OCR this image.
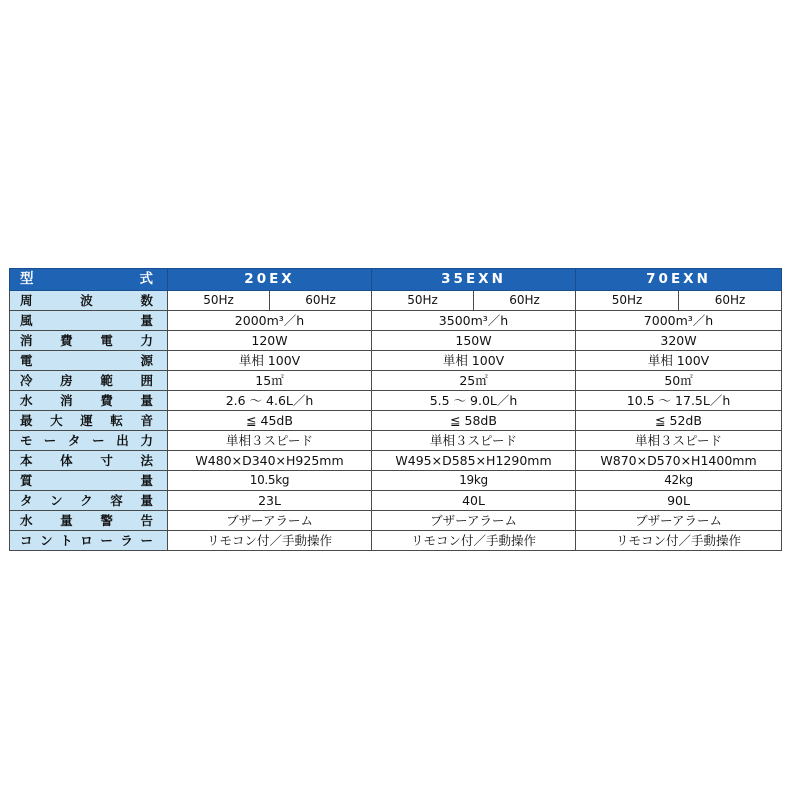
型　　　式	20EX		35EXN		70EXN	
周　波　数	50Hz	60Hz	50Hz	60Hz	50Hz	60Hz
風　　　量	2000m³／h		3500m³／h		7000m³／h	
消費電力	120W		150W		320W	
電　　　源	単相 100V		単相 100V		単相 100V	
冷房範囲	15㎡		25㎡		50㎡	
水消費量	2.6 ～ 4.6L／h		5.5 ～ 9.0L／h		10.5 ～ 17.5L／h	
最大運転音	≦ 45dB		≦ 58dB		≦ 52dB	
モーター出力	単相３スピード		単相３スピード		単相３スピード	
本体寸法	W480×D340×H925mm		W495×D585×H1290mm		W870×D570×H1400mm	
質　　　量	10.5kg		19kg		42kg	
タンク容量	23L		40L		90L	
水量警告	ブザーアラーム		ブザーアラーム		ブザーアラーム	
コントローラー	リモコン付／手動操作		リモコン付／手動操作		リモコン付／手動操作	
